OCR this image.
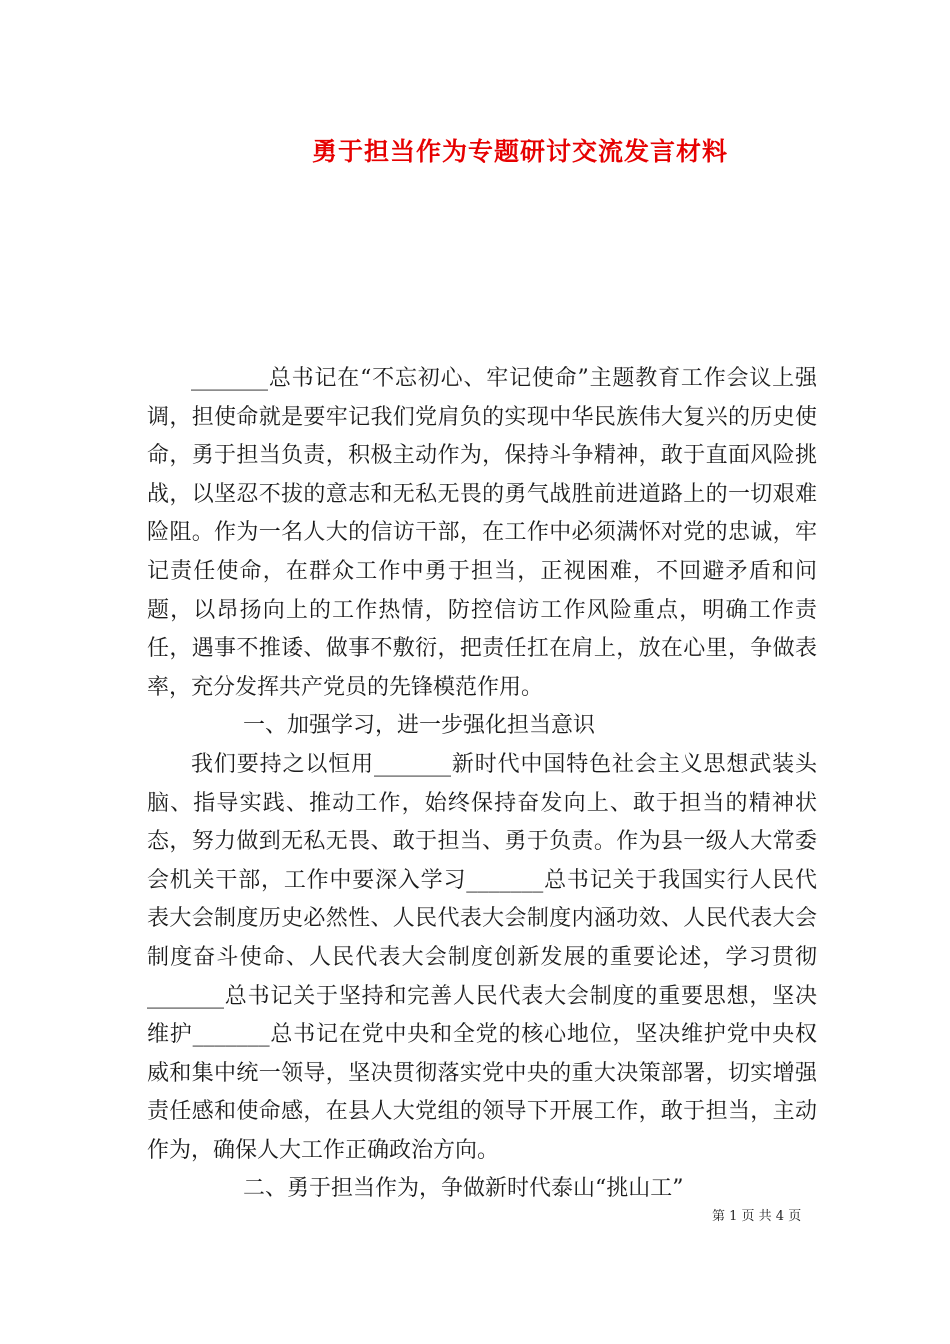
勇于担当作为专题研讨交流发言材料

_______总书记在“不忘初心、牢记使命”主题教育工作会议上强调，担使命就是要牢记我们党肩负的实现中华民族伟大复兴的历史使命，勇于担当负责，积极主动作为，保持斗争精神，敢于直面风险挑战，以坚忍不拔的意志和无私无畏的勇气战胜前进道路上的一切艰难险阻。作为一名人大的信访干部，在工作中必须满怀对党的忠诚，牢记责任使命，在群众工作中勇于担当，正视困难，不回避矛盾和问题，以昂扬向上的工作热情，防控信访工作风险重点，明确工作责任，遇事不推诿、做事不敷衍，把责任扛在肩上，放在心里，争做表率，充分发挥共产党员的先锋模范作用。

一、加强学习，进一步强化担当意识

我们要持之以恒用_______新时代中国特色社会主义思想武装头脑、指导实践、推动工作，始终保持奋发向上、敢于担当的精神状态，努力做到无私无畏、敢于担当、勇于负责。作为县一级人大常委会机关干部，工作中要深入学习_______总书记关于我国实行人民代表大会制度历史必然性、人民代表大会制度内涵功效、人民代表大会制度奋斗使命、人民代表大会制度创新发展的重要论述，学习贯彻_______总书记关于坚持和完善人民代表大会制度的重要思想，坚决维护_______总书记在党中央和全党的核心地位，坚决维护党中央权威和集中统一领导，坚决贯彻落实党中央的重大决策部署，切实增强责任感和使命感，在县人大党组的领导下开展工作，敢于担当，主动作为，确保人大工作正确政治方向。

二、勇于担当作为，争做新时代泰山“挑山工”

第 1 页 共 4 页
